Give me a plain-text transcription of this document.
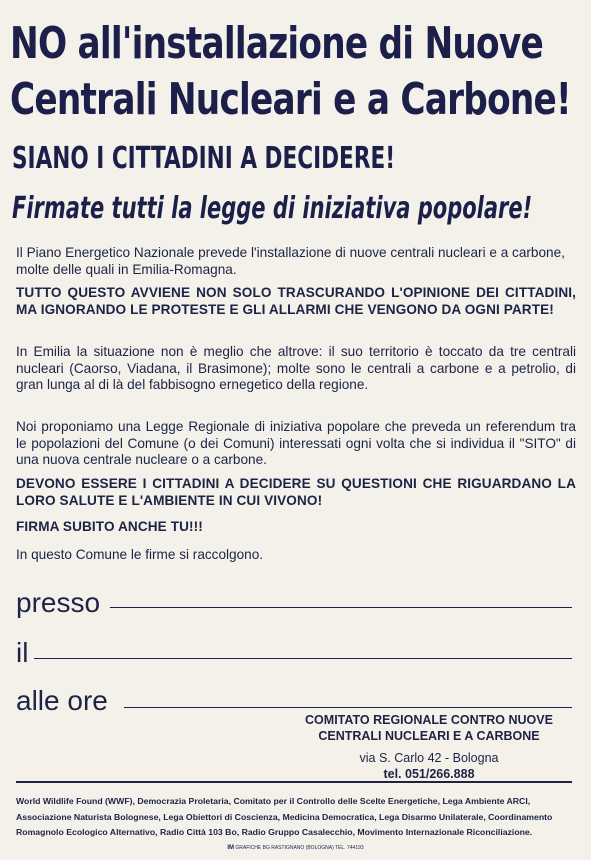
NO all'installazione di Nuove
Centrali Nucleari e a Carbone!
SIANO I CITTADINI A DECIDERE!
Firmate tutti la legge di iniziativa popolare!
Il Piano Energetico Nazionale prevede l'installazione di nuove centrali nucleari e a carbone, molte delle quali in Emilia-Romagna.
TUTTO QUESTO AVVIENE NON SOLO TRASCURANDO L'OPINIONE DEI CITTADINI, MA IGNORANDO LE PROTESTE E GLI ALLARMI CHE VENGONO DA OGNI PARTE!
In Emilia la situazione non è meglio che altrove: il suo territorio è toccato da tre centrali nucleari (Caorso, Viadana, il Brasimone); molte sono le centrali a carbone e a petrolio, di gran lunga al di là del fabbisogno ernegetico della regione.
Noi proponiamo una Legge Regionale di iniziativa popolare che preveda un referendum tra le popolazioni del Comune (o dei Comuni) interessati ogni volta che si individua il "SITO" di una nuova centrale nucleare o a carbone.
DEVONO ESSERE I CITTADINI A DECIDERE SU QUESTIONI CHE RIGUARDANO LA LORO SALUTE E L'AMBIENTE IN CUI VIVONO!
FIRMA SUBITO ANCHE TU!!!
In questo Comune le firme si raccolgono.
presso
il
alle ore
COMITATO REGIONALE CONTRO NUOVE
CENTRALI NUCLEARI E A CARBONE
via S. Carlo 42 - Bologna
tel. 051/266.888
World Wildlife Found (WWF), Democrazia Proletaria, Comitato per il Controllo delle Scelte Energetiche, Lega Ambiente ARCI, Associazione Naturista Bolognese, Lega Obiettori di Coscienza, Medicina Democratica, Lega Disarmo Unilaterale, Coordinamento Romagnolo Ecologico Alternativo, Radio Città 103 Bo, Radio Gruppo Casalecchio, Movimento Internazionale Riconciliazione.
IM GRAFICHE BG RASTIGNANO (BOLOGNA) TEL. 744193
